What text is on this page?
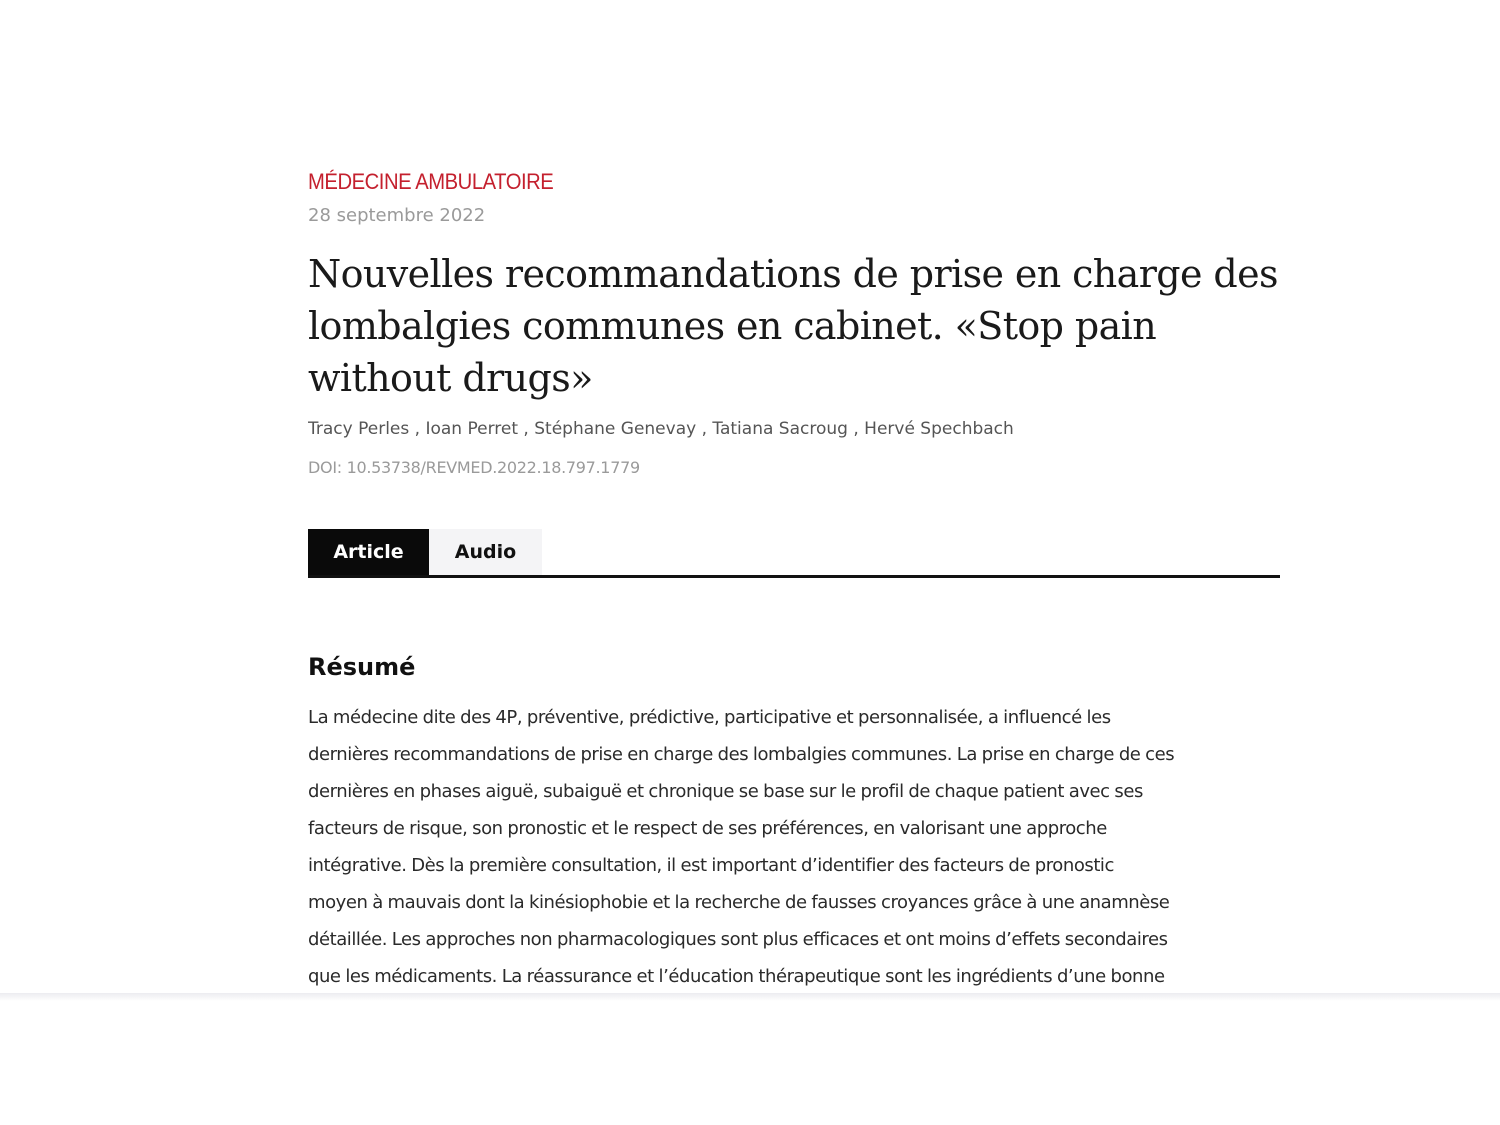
MÉDECINE AMBULATOIRE
28 septembre 2022
Nouvelles recommandations de prise en charge des lombalgies communes en cabinet. «Stop pain without drugs»
Tracy Perles , Ioan Perret , Stéphane Genevay , Tatiana Sacroug , Hervé Spechbach
DOI: 10.53738/REVMED.2022.18.797.1779
Article	Audio
Résumé
La médecine dite des 4P, préventive, prédictive, participative et personnalisée, a influencé les
dernières recommandations de prise en charge des lombalgies communes. La prise en charge de ces
dernières en phases aiguë, subaiguë et chronique se base sur le profil de chaque patient avec ses
facteurs de risque, son pronostic et le respect de ses préférences, en valorisant une approche
intégrative. Dès la première consultation, il est important d’identifier des facteurs de pronostic
moyen à mauvais dont la kinésiophobie et la recherche de fausses croyances grâce à une anamnèse
détaillée. Les approches non pharmacologiques sont plus efficaces et ont moins d’effets secondaires
que les médicaments. La réassurance et l’éducation thérapeutique sont les ingrédients d’une bonne
